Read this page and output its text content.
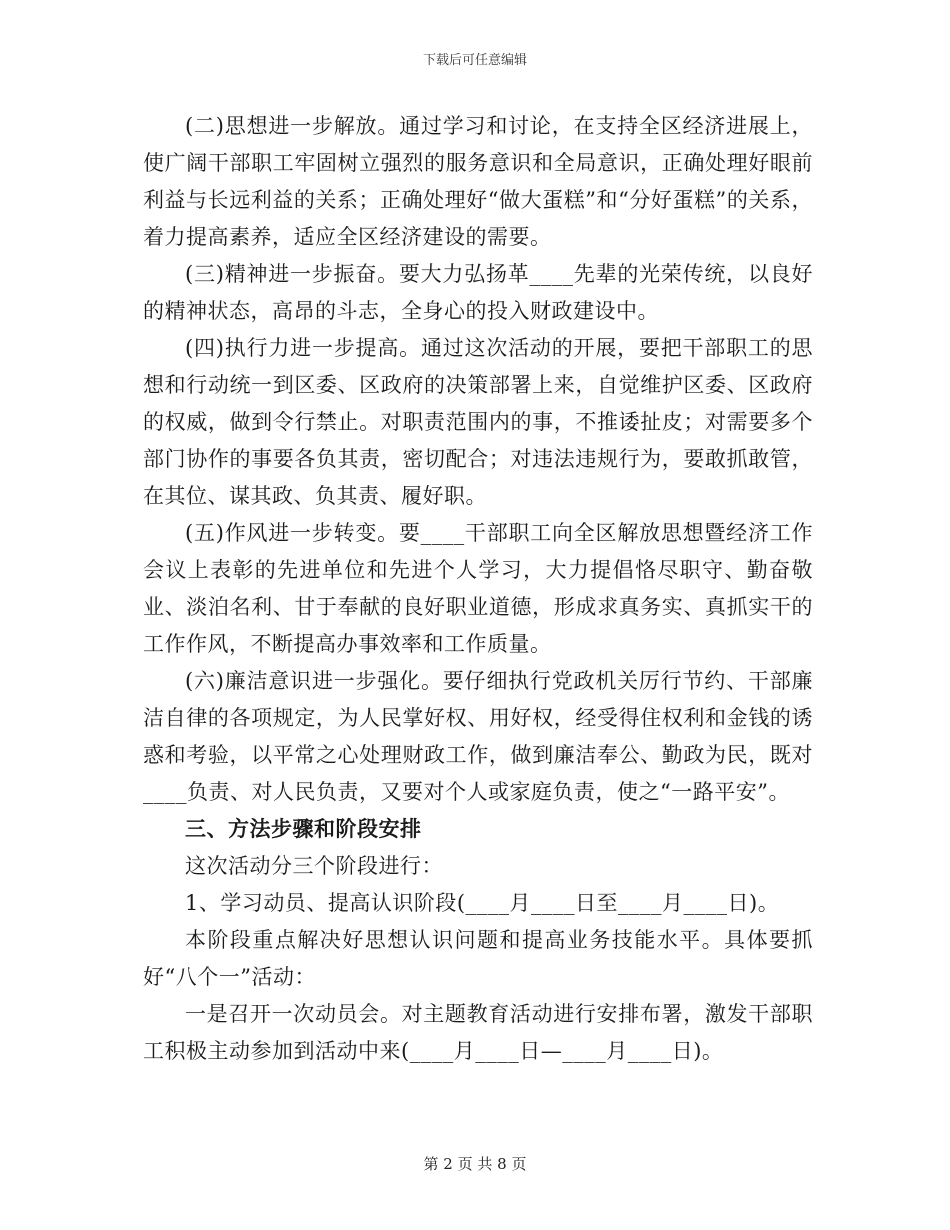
下载后可任意编辑

(二)思想进一步解放。通过学习和讨论，在支持全区经济进展上，使广阔干部职工牢固树立强烈的服务意识和全局意识，正确处理好眼前利益与长远利益的关系；正确处理好“做大蛋糕”和“分好蛋糕”的关系，着力提高素养，适应全区经济建设的需要。

(三)精神进一步振奋。要大力弘扬革____先辈的光荣传统，以良好的精神状态，高昂的斗志，全身心的投入财政建设中。

(四)执行力进一步提高。通过这次活动的开展，要把干部职工的思想和行动统一到区委、区政府的决策部署上来，自觉维护区委、区政府的权威，做到令行禁止。对职责范围内的事，不推诿扯皮；对需要多个部门协作的事要各负其责，密切配合；对违法违规行为，要敢抓敢管，在其位、谋其政、负其责、履好职。

(五)作风进一步转变。要____干部职工向全区解放思想暨经济工作会议上表彰的先进单位和先进个人学习，大力提倡恪尽职守、勤奋敬业、淡泊名利、甘于奉献的良好职业道德，形成求真务实、真抓实干的工作作风，不断提高办事效率和工作质量。

(六)廉洁意识进一步强化。要仔细执行党政机关厉行节约、干部廉洁自律的各项规定，为人民掌好权、用好权，经受得住权利和金钱的诱惑和考验，以平常之心处理财政工作，做到廉洁奉公、勤政为民，既对____负责、对人民负责，又要对个人或家庭负责，使之“一路平安”。

三、方法步骤和阶段安排

这次活动分三个阶段进行：

1、学习动员、提高认识阶段(____月____日至____月____日)。

本阶段重点解决好思想认识问题和提高业务技能水平。具体要抓好“八个一”活动：

一是召开一次动员会。对主题教育活动进行安排布署，激发干部职工积极主动参加到活动中来(____月____日—____月____日)。

第 2 页 共 8 页
